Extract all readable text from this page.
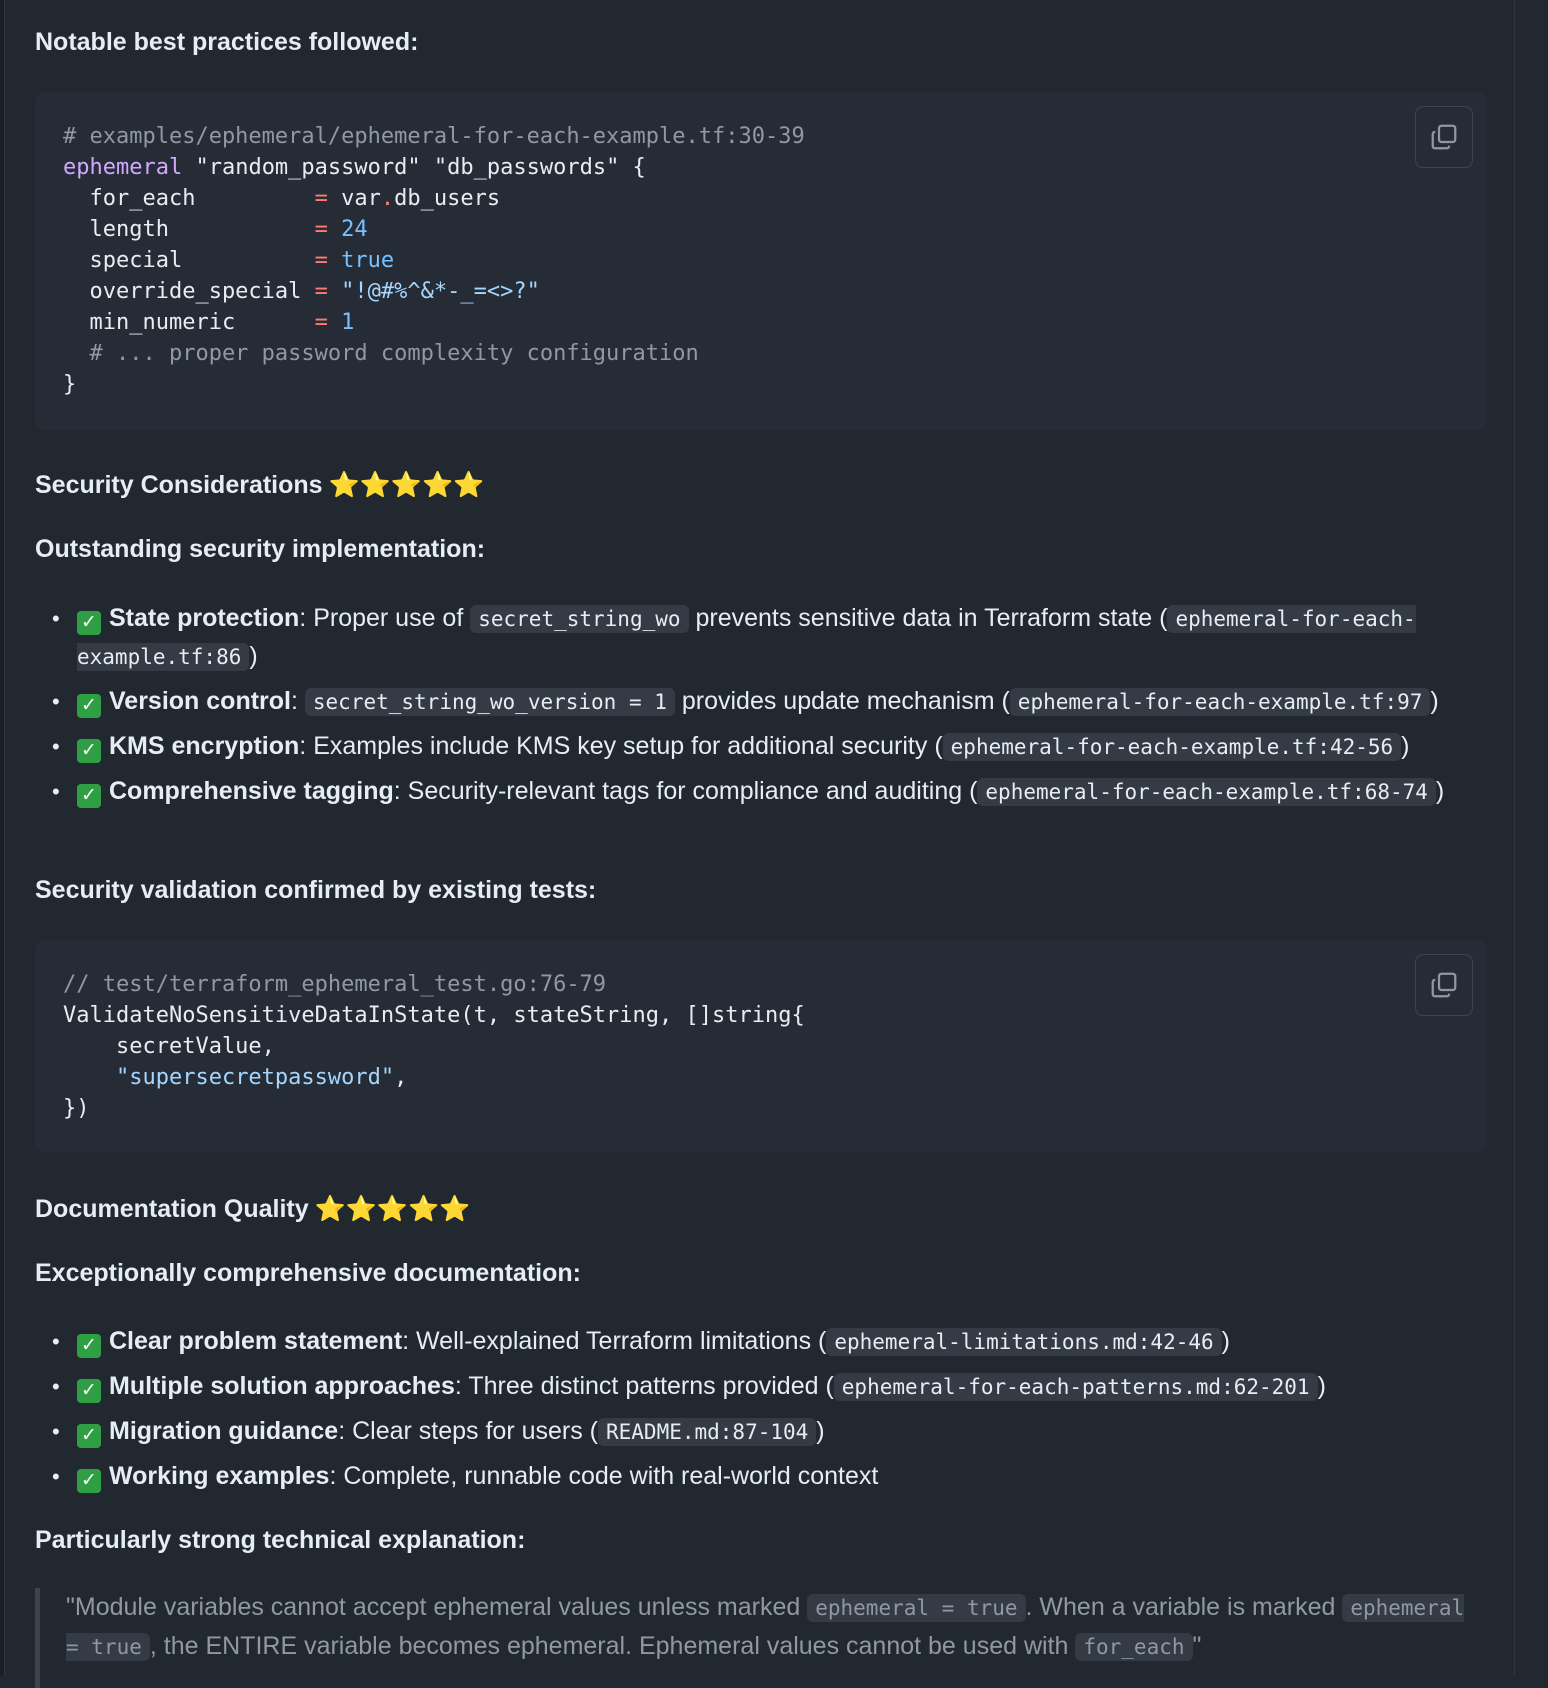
Notable best practices followed:
# examples/ephemeral/ephemeral-for-each-example.tf:30-39
ephemeral "random_password" "db_passwords" {
for_each         = var.db_users
length           = 24
special          = true
override_special = "!@#%^&*-_=<>?"
min_numeric      = 1
# ... proper password complexity configuration
}
Security Considerations ⭐⭐⭐⭐⭐
Outstanding security implementation:
• ✓ State protection: Proper use of secret_string_wo prevents sensitive data in Terraform state ( ephemeral-for-each-example.tf:86 )
• ✓ Version control: secret_string_wo_version = 1 provides update mechanism ( ephemeral-for-each-example.tf:97 )
• ✓ KMS encryption: Examples include KMS key setup for additional security ( ephemeral-for-each-example.tf:42-56 )
• ✓ Comprehensive tagging: Security-relevant tags for compliance and auditing ( ephemeral-for-each-example.tf:68-74 )
Security validation confirmed by existing tests:
// test/terraform_ephemeral_test.go:76-79
ValidateNoSensitiveDataInState(t, stateString, []string{
secretValue,
"supersecretpassword",
})
Documentation Quality ⭐⭐⭐⭐⭐
Exceptionally comprehensive documentation:
• ✓ Clear problem statement: Well-explained Terraform limitations ( ephemeral-limitations.md:42-46 )
• ✓ Multiple solution approaches: Three distinct patterns provided ( ephemeral-for-each-patterns.md:62-201 )
• ✓ Migration guidance: Clear steps for users ( README.md:87-104 )
• ✓ Working examples: Complete, runnable code with real-world context
Particularly strong technical explanation:
"Module variables cannot accept ephemeral values unless marked ephemeral = true . When a variable is marked ephemeral = true , the ENTIRE variable becomes ephemeral. Ephemeral values cannot be used with for_each "
